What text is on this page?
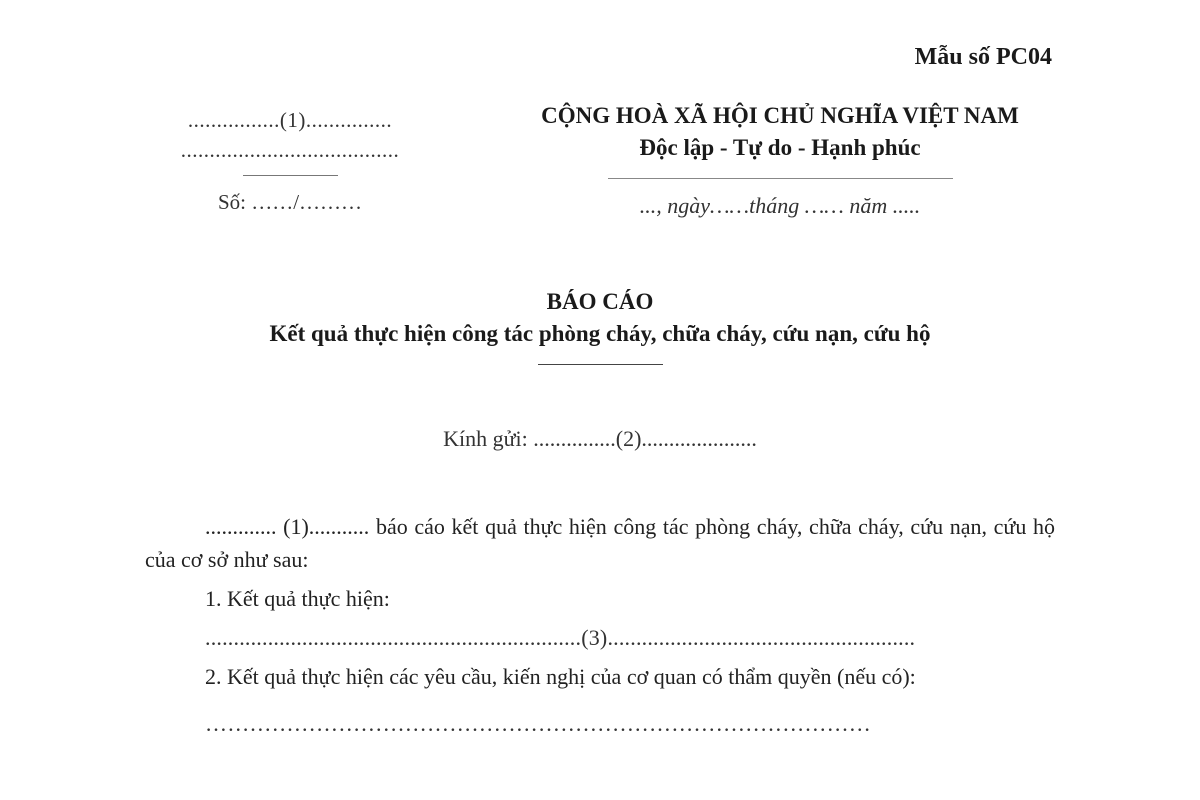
Mẫu số PC04
................(1)...............
......................................
Số: ……/………
CỘNG HOÀ XÃ HỘI CHỦ NGHĨA VIỆT NAM
Độc lập - Tự do - Hạnh phúc
..., ngày……tháng …… năm .....
BÁO CÁO
Kết quả thực hiện công tác phòng cháy, chữa cháy, cứu nạn, cứu hộ
Kính gửi: ...............(2).....................

............. (1)........... báo cáo kết quả thực hiện công tác phòng cháy, chữa cháy, cứu nạn, cứu hộ của cơ sở như sau:

1. Kết quả thực hiện:

..................................................................(3)......................................................

2. Kết quả thực hiện các yêu cầu, kiến nghị của cơ quan có thẩm quyền (nếu có):

………………………………………………………………………………
